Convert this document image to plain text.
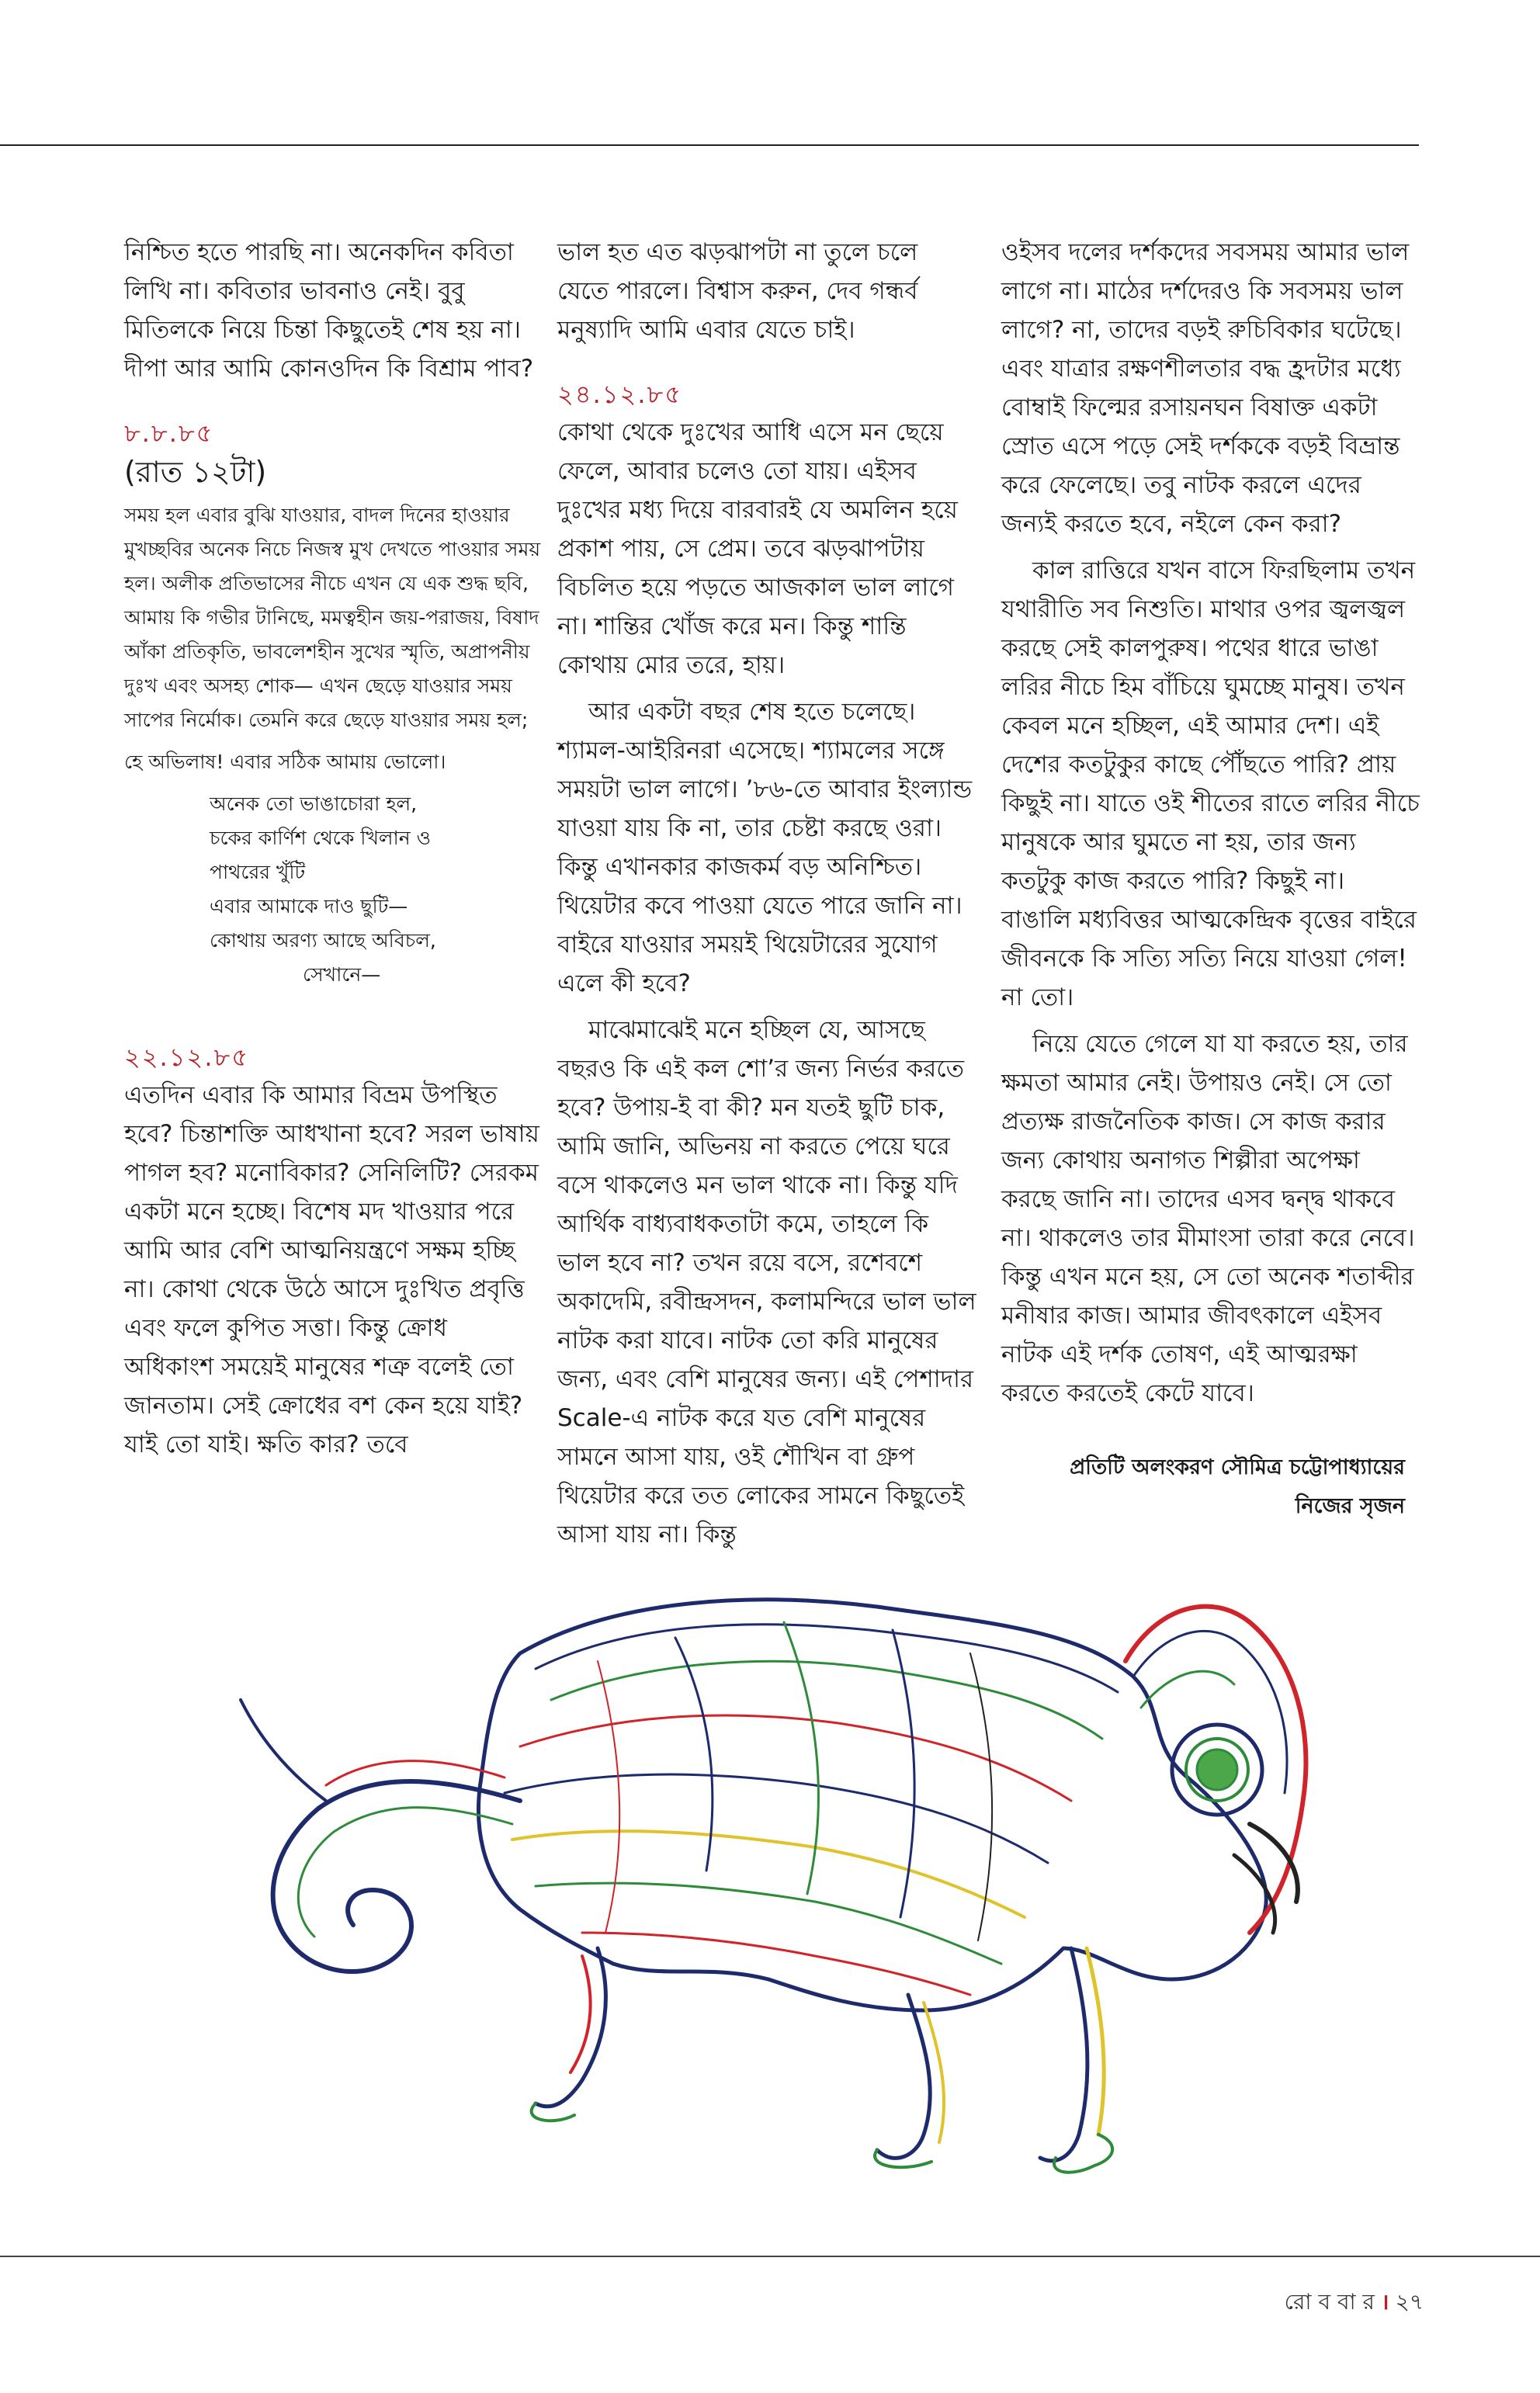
নিশ্চিত হতে পারছি না। অনেকদিন কবিতা লিখি না। কবিতার ভাবনাও নেই। বুবু মিতিলকে নিয়ে চিন্তা কিছুতেই শেষ হয় না। দীপা আর আমি কোনওদিন কি বিশ্রাম পাব?

৮.৮.৮৫
(রাত ১২টা)

সময় হল এবার বুঝি যাওয়ার, বাদল দিনের হাওয়ার মুখচ্ছবির অনেক নিচে নিজস্ব মুখ দেখতে পাওয়ার সময় হল। অলীক প্রতিভাসের নীচে এখন যে এক শুদ্ধ ছবি, আমায় কি গভীর টানিছে, মমত্বহীন জয়-পরাজয়, বিষাদ আঁকা প্রতিকৃতি, ভাবলেশহীন সুখের স্মৃতি, অপ্রাপনীয় দুঃখ এবং অসহ্য শোক— এখন ছেড়ে যাওয়ার সময় সাপের নির্মোক। তেমনি করে ছেড়ে যাওয়ার সময় হল;

হে অভিলাষ! এবার সঠিক আমায় ভোলো।

অনেক তো ভাঙাচোরা হল,
চকের কার্ণিশ থেকে খিলান ও
পাথরের খুঁটি
এবার আমাকে দাও ছুটি—
কোথায় অরণ্য আছে অবিচল,
সেখানে—
২২.১২.৮৫

এতদিন এবার কি আমার বিভ্রম উপস্থিত হবে? চিন্তাশক্তি আধখানা হবে? সরল ভাষায় পাগল হব? মনোবিকার? সেনিলিটি? সেরকম একটা মনে হচ্ছে। বিশেষ মদ খাওয়ার পরে আমি আর বেশি আত্মনিয়ন্ত্রণে সক্ষম হচ্ছি না। কোথা থেকে উঠে আসে দুঃখিত প্রবৃত্তি এবং ফলে কুপিত সত্তা। কিন্তু ক্রোধ অধিকাংশ সময়েই মানুষের শত্রু বলেই তো জানতাম। সেই ক্রোধের বশ কেন হয়ে যাই? যাই তো যাই। ক্ষতি কার? তবে

ভাল হত এত ঝড়ঝাপটা না তুলে চলে যেতে পারলে। বিশ্বাস করুন, দেব গন্ধর্ব মনুষ্যাদি আমি এবার যেতে চাই।

২৪.১২.৮৫

কোথা থেকে দুঃখের আধি এসে মন ছেয়ে ফেলে, আবার চলেও তো যায়। এইসব দুঃখের মধ্য দিয়ে বারবারই যে অমলিন হয়ে প্রকাশ পায়, সে প্রেম। তবে ঝড়ঝাপটায় বিচলিত হয়ে পড়তে আজকাল ভাল লাগে না। শান্তির খোঁজ করে মন। কিন্তু শান্তি কোথায় মোর তরে, হায়।

আর একটা বছর শেষ হতে চলেছে। শ্যামল-আইরিনরা এসেছে। শ্যামলের সঙ্গে সময়টা ভাল লাগে। ’৮৬-তে আবার ইংল্যান্ড যাওয়া যায় কি না, তার চেষ্টা করছে ওরা। কিন্তু এখানকার কাজকর্ম বড় অনিশ্চিত। থিয়েটার কবে পাওয়া যেতে পারে জানি না। বাইরে যাওয়ার সময়ই থিয়েটারের সুযোগ এলে কী হবে?

মাঝেমাঝেই মনে হচ্ছিল যে, আসছে বছরও কি এই কল শো’র জন্য নির্ভর করতে হবে? উপায়-ই বা কী? মন যতই ছুটি চাক, আমি জানি, অভিনয় না করতে পেয়ে ঘরে বসে থাকলেও মন ভাল থাকে না। কিন্তু যদি আর্থিক বাধ্যবাধকতাটা কমে, তাহলে কি ভাল হবে না? তখন রয়ে বসে, রশেবশে অকাদেমি, রবীন্দ্রসদন, কলামন্দিরে ভাল ভাল নাটক করা যাবে। নাটক তো করি মানুষের জন্য, এবং বেশি মানুষের জন্য। এই পেশাদার Scale-এ নাটক করে যত বেশি মানুষের সামনে আসা যায়, ওই শৌখিন বা গ্রুপ থিয়েটার করে তত লোকের সামনে কিছুতেই আসা যায় না। কিন্তু

ওইসব দলের দর্শকদের সবসময় আমার ভাল লাগে না। মাঠের দর্শদেরও কি সবসময় ভাল লাগে? না, তাদের বড়ই রুচিবিকার ঘটেছে। এবং যাত্রার রক্ষণশীলতার বদ্ধ হ্রদটার মধ্যে বোম্বাই ফিল্মের রসায়নঘন বিষাক্ত একটা স্রোত এসে পড়ে সেই দর্শককে বড়ই বিভ্রান্ত করে ফেলেছে। তবু নাটক করলে এদের জন্যই করতে হবে, নইলে কেন করা?

কাল রাত্তিরে যখন বাসে ফিরছিলাম তখন যথারীতি সব নিশুতি। মাথার ওপর জ্বলজ্বল করছে সেই কালপুরুষ। পথের ধারে ভাঙা লরির নীচে হিম বাঁচিয়ে ঘুমচ্ছে মানুষ। তখন কেবল মনে হচ্ছিল, এই আমার দেশ। এই দেশের কতটুকুর কাছে পৌঁছতে পারি? প্রায় কিছুই না। যাতে ওই শীতের রাতে লরির নীচে মানুষকে আর ঘুমতে না হয়, তার জন্য কতটুকু কাজ করতে পারি? কিছুই না। বাঙালি মধ্যবিত্তর আত্মকেন্দ্রিক বৃত্তের বাইরে জীবনকে কি সত্যি সত্যি নিয়ে যাওয়া গেল! না তো।

নিয়ে যেতে গেলে যা যা করতে হয়, তার ক্ষমতা আমার নেই। উপায়ও নেই। সে তো প্রত্যক্ষ রাজনৈতিক কাজ। সে কাজ করার জন্য কোথায় অনাগত শিল্পীরা অপেক্ষা করছে জানি না। তাদের এসব দ্বন্দ্ব থাকবে না। থাকলেও তার মীমাংসা তারা করে নেবে। কিন্তু এখন মনে হয়, সে তো অনেক শতাব্দীর মনীষার কাজ। আমার জীবৎকালে এইসব নাটক এই দর্শক তোষণ, এই আত্মরক্ষা করতে করতেই কেটে যাবে।

প্রতিটি অলংকরণ সৌমিত্র চট্টোপাধ্যায়ের
নিজের সৃজন
রো ব বা র । ২৭
